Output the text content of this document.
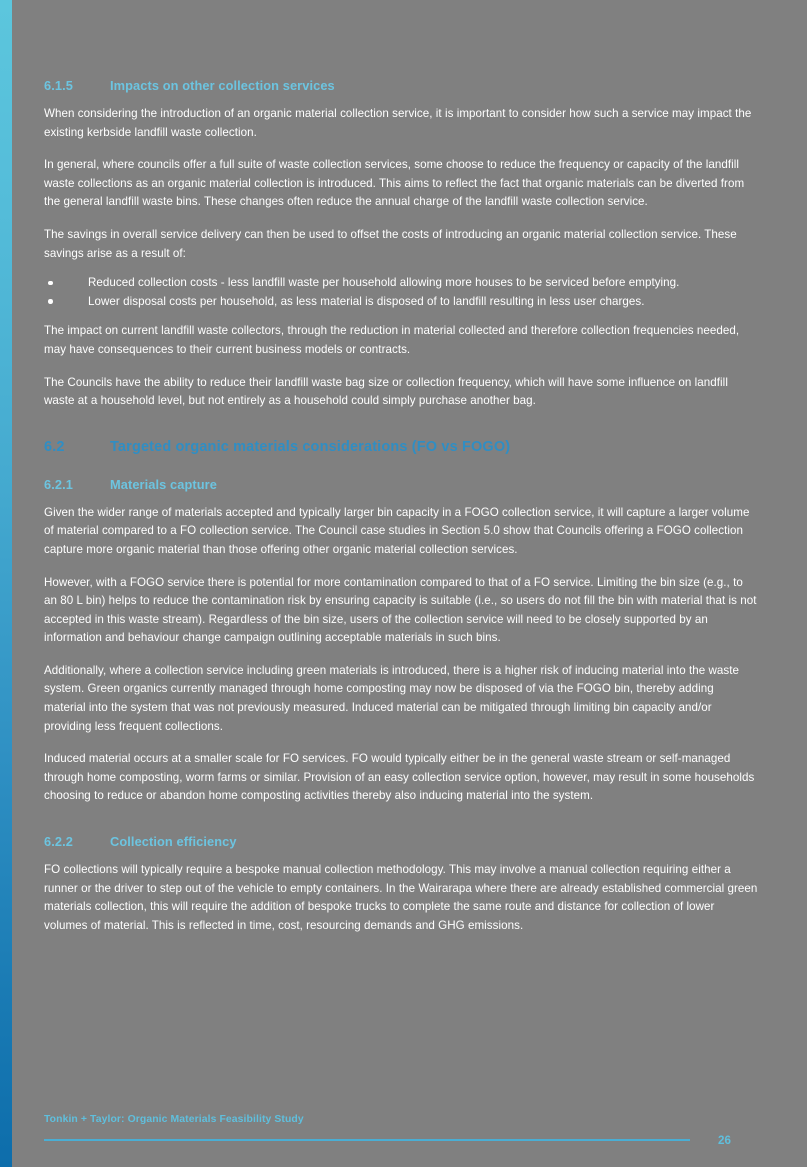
6.1.5	Impacts on other collection services

When considering the introduction of an organic material collection service, it is important to consider how such a service may impact the existing kerbside landfill waste collection.

In general, where councils offer a full suite of waste collection services, some choose to reduce the frequency or capacity of the landfill waste collections as an organic material collection is introduced. This aims to reflect the fact that organic materials can be diverted from the general landfill waste bins. These changes often reduce the annual charge of the landfill waste collection service.

The savings in overall service delivery can then be used to offset the costs of introducing an organic material collection service. These savings arise as a result of:

Reduced collection costs - less landfill waste per household allowing more houses to be serviced before emptying.
Lower disposal costs per household, as less material is disposed of to landfill resulting in less user charges.

The impact on current landfill waste collectors, through the reduction in material collected and therefore collection frequencies needed, may have consequences to their current business models or contracts.

The Councils have the ability to reduce their landfill waste bag size or collection frequency, which will have some influence on landfill waste at a household level, but not entirely as a household could simply purchase another bag.

6.2	Targeted organic materials considerations (FO vs FOGO)
6.2.1	Materials capture

Given the wider range of materials accepted and typically larger bin capacity in a FOGO collection service, it will capture a larger volume of material compared to a FO collection service. The Council case studies in Section 5.0 show that Councils offering a FOGO collection capture more organic material than those offering other organic material collection services.

However, with a FOGO service there is potential for more contamination compared to that of a FO service. Limiting the bin size (e.g., to an 80 L bin) helps to reduce the contamination risk by ensuring capacity is suitable (i.e., so users do not fill the bin with material that is not accepted in this waste stream). Regardless of the bin size, users of the collection service will need to be closely supported by an information and behaviour change campaign outlining acceptable materials in such bins.

Additionally, where a collection service including green materials is introduced, there is a higher risk of inducing material into the waste system. Green organics currently managed through home composting may now be disposed of via the FOGO bin, thereby adding material into the system that was not previously measured. Induced material can be mitigated through limiting bin capacity and/or providing less frequent collections.

Induced material occurs at a smaller scale for FO services. FO would typically either be in the general waste stream or self-managed through home composting, worm farms or similar. Provision of an easy collection service option, however, may result in some households choosing to reduce or abandon home composting activities thereby also inducing material into the system.

6.2.2	Collection efficiency

FO collections will typically require a bespoke manual collection methodology. This may involve a manual collection requiring either a runner or the driver to step out of the vehicle to empty containers. In the Wairarapa where there are already established commercial green materials collection, this will require the addition of bespoke trucks to complete the same route and distance for collection of lower volumes of material. This is reflected in time, cost, resourcing demands and GHG emissions.

Tonkin + Taylor: Organic Materials Feasibility Study

26
